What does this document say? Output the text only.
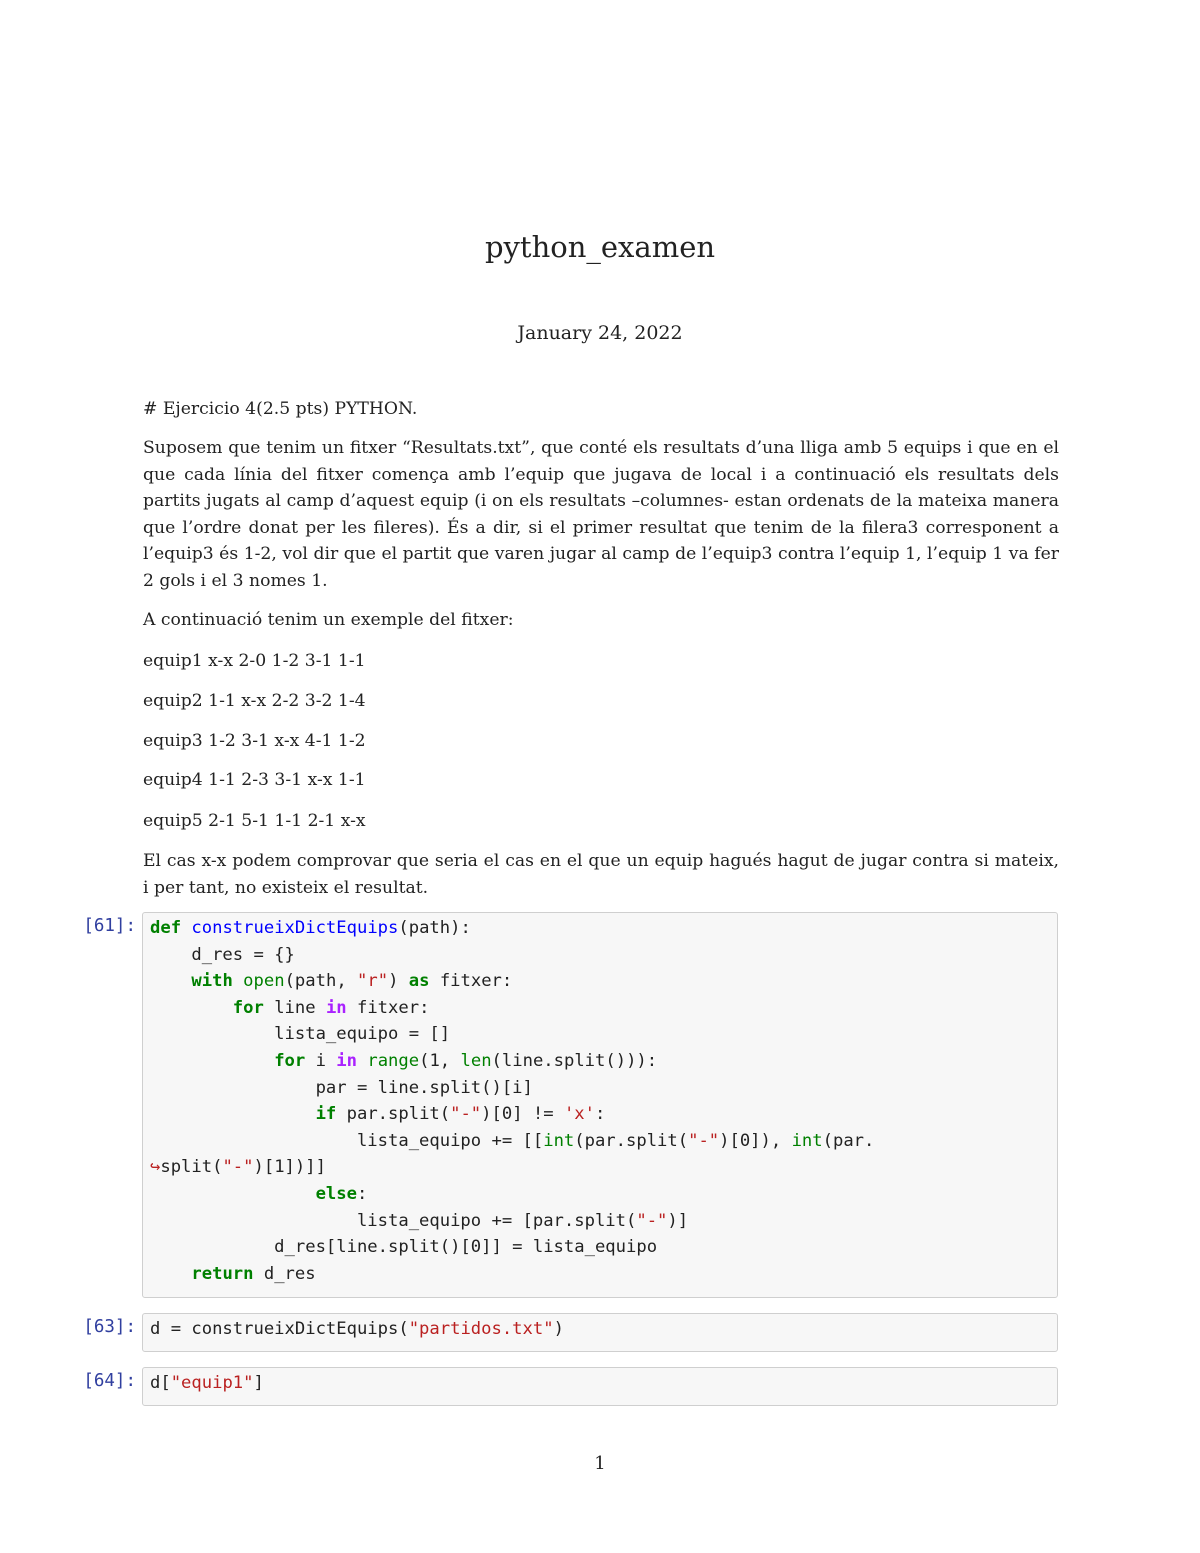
python_examen
January 24, 2022
# Ejercicio 4(2.5 pts) PYTHON.
Suposem que tenim un fitxer “Resultats.txt”, que conté els resultats d’una lliga amb 5 equips i que en el que cada línia del fitxer comença amb l’equip que jugava de local i a continuació els resultats dels partits jugats al camp d’aquest equip (i on els resultats –columnes- estan ordenats de la mateixa manera que l’ordre donat per les fileres). És a dir, si el primer resultat que tenim de la filera3 corresponent a l’equip3 és 1-2, vol dir que el partit que varen jugar al camp de l’equip3 contra l’equip 1, l’equip 1 va fer 2 gols i el 3 nomes 1.
A continuació tenim un exemple del fitxer:
equip1 x-x 2-0 1-2 3-1 1-1
equip2 1-1 x-x 2-2 3-2 1-4
equip3 1-2 3-1 x-x 4-1 1-2
equip4 1-1 2-3 3-1 x-x 1-1
equip5 2-1 5-1 1-1 2-1 x-x
El cas x-x podem comprovar que seria el cas en el que un equip hagués hagut de jugar contra si mateix, i per tant, no existeix el resultat.
[61]: def construeixDictEquips(path):
d_res = {}
with open(path, "r") as fitxer:
for line in fitxer:
lista_equipo = []
for i in range(1, len(line.split())):
par = line.split()[i]
if par.split("-")[0] != 'x':
lista_equipo += [[int(par.split("-")[0]), int(par.
↪split("-")[1])]]
else:
lista_equipo += [par.split("-")]
d_res[line.split()[0]] = lista_equipo
return d_res
[63]: d = construeixDictEquips("partidos.txt")
[64]: d["equip1"]
1
